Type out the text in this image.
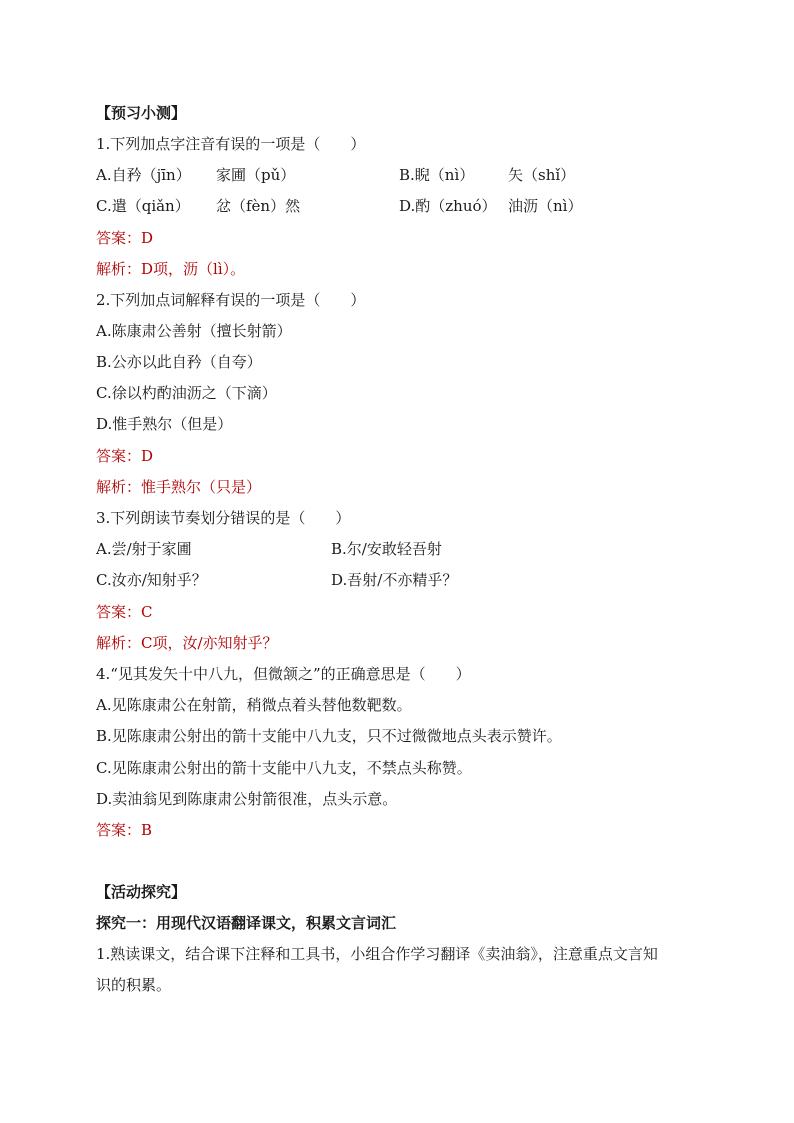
【预习小测】
1.下列加点字注音有误的一项是（　　）
A.自矜（jīn） 家圃（pǔ）	B.睨（nì） 矢（shǐ）
C.遣（qiǎn） 忿（fèn）然	D.酌（zhuó） 油沥（nì）
答案：D
解析：D项，沥（lì）。
2.下列加点词解释有误的一项是（　　）
A.陈康肃公善射（擅长射箭）
B.公亦以此自矜（自夸）
C.徐以杓酌油沥之（下滴）
D.惟手熟尔（但是）
答案：D
解析：惟手熟尔（只是）
3.下列朗读节奏划分错误的是（　　）
A.尝/射于家圃	B.尔/安敢轻吾射
C.汝亦/知射乎？	D.吾射/不亦精乎？
答案：C
解析：C项，汝/亦知射乎？
4.“见其发矢十中八九，但微颔之”的正确意思是（　　）
A.见陈康肃公在射箭，稍微点着头替他数靶数。
B.见陈康肃公射出的箭十支能中八九支，只不过微微地点头表示赞许。
C.见陈康肃公射出的箭十支能中八九支，不禁点头称赞。
D.卖油翁见到陈康肃公射箭很准，点头示意。
答案：B
【活动探究】
探究一：用现代汉语翻译课文，积累文言词汇
1.熟读课文，结合课下注释和工具书，小组合作学习翻译《卖油翁》，注意重点文言知
识的积累。
